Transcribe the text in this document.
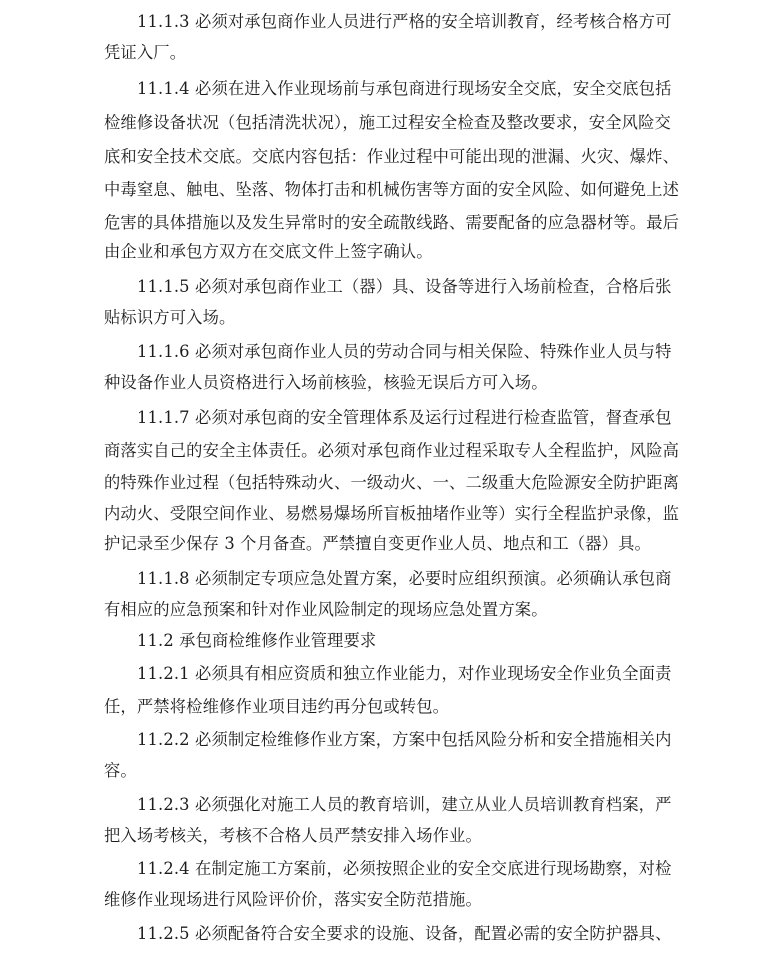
11.1.3 必须对承包商作业人员进行严格的安全培训教育，经考核合格方可
凭证入厂。
11.1.4 必须在进入作业现场前与承包商进行现场安全交底，安全交底包括
检维修设备状况（包括清洗状况），施工过程安全检查及整改要求，安全风险交
底和安全技术交底。交底内容包括：作业过程中可能出现的泄漏、火灾、爆炸、
中毒窒息、触电、坠落、物体打击和机械伤害等方面的安全风险、如何避免上述
危害的具体措施以及发生异常时的安全疏散线路、需要配备的应急器材等。最后
由企业和承包方双方在交底文件上签字确认。
11.1.5 必须对承包商作业工（器）具、设备等进行入场前检查，合格后张
贴标识方可入场。
11.1.6 必须对承包商作业人员的劳动合同与相关保险、特殊作业人员与特
种设备作业人员资格进行入场前核验，核验无误后方可入场。
11.1.7 必须对承包商的安全管理体系及运行过程进行检查监管，督查承包
商落实自己的安全主体责任。必须对承包商作业过程采取专人全程监护，风险高
的特殊作业过程（包括特殊动火、一级动火、一、二级重大危险源安全防护距离
内动火、受限空间作业、易燃易爆场所盲板抽堵作业等）实行全程监护录像，监
护记录至少保存 3 个月备查。严禁擅自变更作业人员、地点和工（器）具。
11.1.8 必须制定专项应急处置方案，必要时应组织预演。必须确认承包商
有相应的应急预案和针对作业风险制定的现场应急处置方案。
11.2 承包商检维修作业管理要求
11.2.1 必须具有相应资质和独立作业能力，对作业现场安全作业负全面责
任，严禁将检维修作业项目违约再分包或转包。
11.2.2 必须制定检维修作业方案，方案中包括风险分析和安全措施相关内
容。
11.2.3 必须强化对施工人员的教育培训，建立从业人员培训教育档案，严
把入场考核关，考核不合格人员严禁安排入场作业。
11.2.4 在制定施工方案前，必须按照企业的安全交底进行现场勘察，对检
维修作业现场进行风险评价价，落实安全防范措施。
11.2.5 必须配备符合安全要求的设施、设备，配置必需的安全防护器具、
